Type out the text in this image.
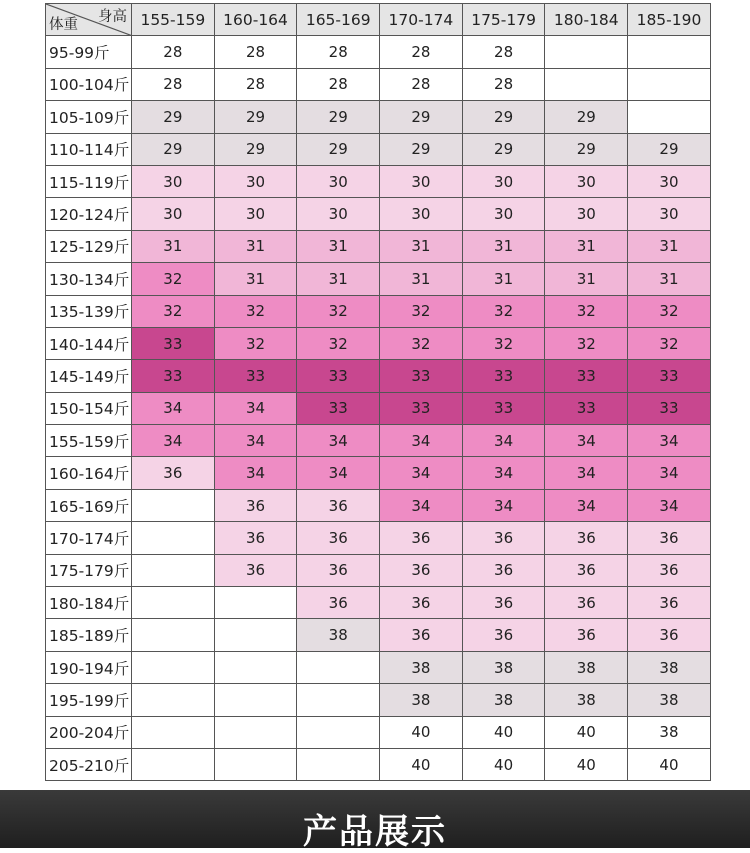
身高
体重	155-159	160-164	165-169	170-174	175-179	180-184	185-190
95-99斤	28	28	28	28	28		
100-104斤	28	28	28	28	28		
105-109斤	29	29	29	29	29	29	
110-114斤	29	29	29	29	29	29	29
115-119斤	30	30	30	30	30	30	30
120-124斤	30	30	30	30	30	30	30
125-129斤	31	31	31	31	31	31	31
130-134斤	32	31	31	31	31	31	31
135-139斤	32	32	32	32	32	32	32
140-144斤	33	32	32	32	32	32	32
145-149斤	33	33	33	33	33	33	33
150-154斤	34	34	33	33	33	33	33
155-159斤	34	34	34	34	34	34	34
160-164斤	36	34	34	34	34	34	34
165-169斤		36	36	34	34	34	34
170-174斤		36	36	36	36	36	36
175-179斤		36	36	36	36	36	36
180-184斤			36	36	36	36	36
185-189斤			38	36	36	36	36
190-194斤				38	38	38	38
195-199斤				38	38	38	38
200-204斤				40	40	40	38
205-210斤				40	40	40	40
产品展示
